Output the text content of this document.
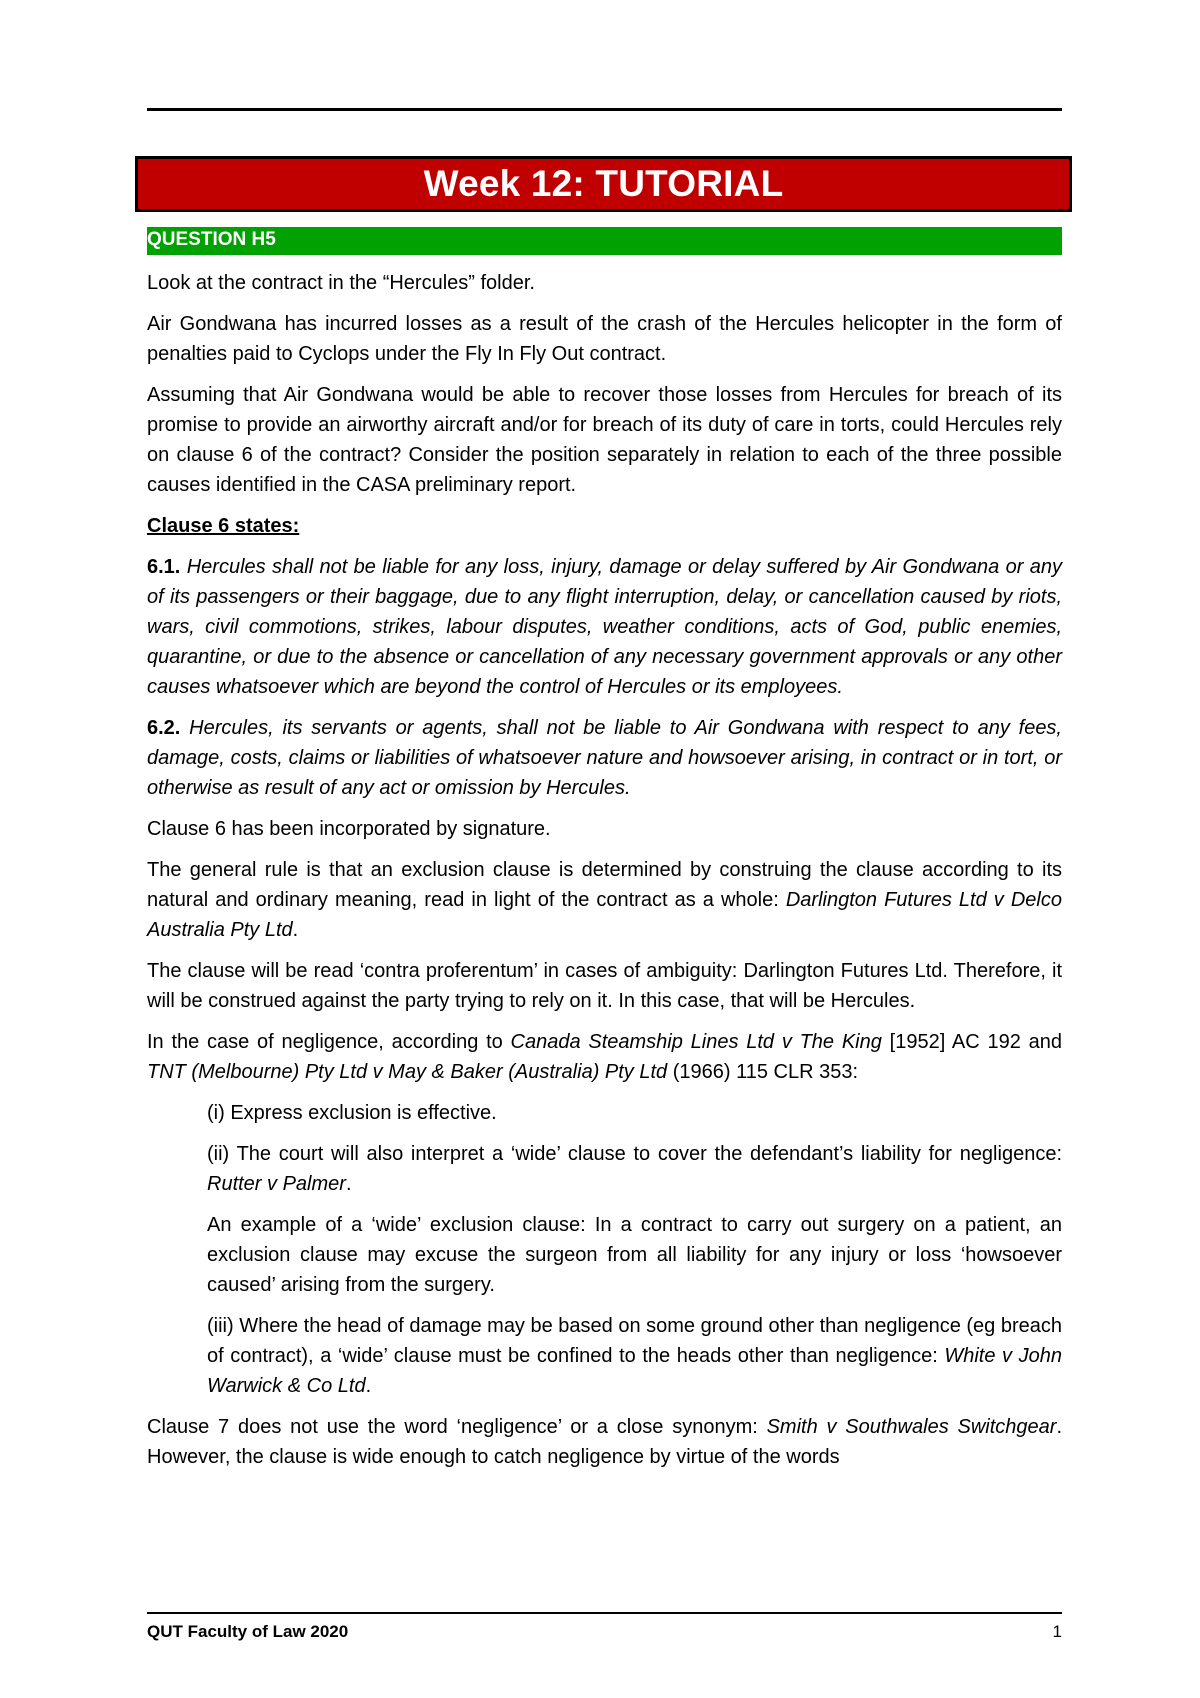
Week 12: TUTORIAL
QUESTION H5

Look at the contract in the “Hercules” folder.

Air Gondwana has incurred losses as a result of the crash of the Hercules helicopter in the form of penalties paid to Cyclops under the Fly In Fly Out contract.

Assuming that Air Gondwana would be able to recover those losses from Hercules for breach of its promise to provide an airworthy aircraft and/or for breach of its duty of care in torts, could Hercules rely on clause 6 of the contract? Consider the position separately in relation to each of the three possible causes identified in the CASA preliminary report.

Clause 6 states:

6.1. Hercules shall not be liable for any loss, injury, damage or delay suffered by Air Gondwana or any of its passengers or their baggage, due to any flight interruption, delay, or cancellation caused by riots, wars, civil commotions, strikes, labour disputes, weather conditions, acts of God, public enemies, quarantine, or due to the absence or cancellation of any necessary government approvals or any other causes whatsoever which are beyond the control of Hercules or its employees.

6.2. Hercules, its servants or agents, shall not be liable to Air Gondwana with respect to any fees, damage, costs, claims or liabilities of whatsoever nature and howsoever arising, in contract or in tort, or otherwise as result of any act or omission by Hercules.

Clause 6 has been incorporated by signature.

The general rule is that an exclusion clause is determined by construing the clause according to its natural and ordinary meaning, read in light of the contract as a whole: Darlington Futures Ltd v Delco Australia Pty Ltd.

The clause will be read ‘contra proferentum’ in cases of ambiguity: Darlington Futures Ltd. Therefore, it will be construed against the party trying to rely on it. In this case, that will be Hercules.

In the case of negligence, according to Canada Steamship Lines Ltd v The King [1952] AC 192 and TNT (Melbourne) Pty Ltd v May & Baker (Australia) Pty Ltd (1966) 115 CLR 353:

(i) Express exclusion is effective.

(ii) The court will also interpret a ‘wide’ clause to cover the defendant’s liability for negligence: Rutter v Palmer.

An example of a ‘wide’ exclusion clause: In a contract to carry out surgery on a patient, an exclusion clause may excuse the surgeon from all liability for any injury or loss ‘howsoever caused’ arising from the surgery.

(iii) Where the head of damage may be based on some ground other than negligence (eg breach of contract), a ‘wide’ clause must be confined to the heads other than negligence: White v John Warwick & Co Ltd.

Clause 7 does not use the word ‘negligence’ or a close synonym: Smith v Southwales Switchgear. However, the clause is wide enough to catch negligence by virtue of the words

QUT Faculty of Law 2020	1
